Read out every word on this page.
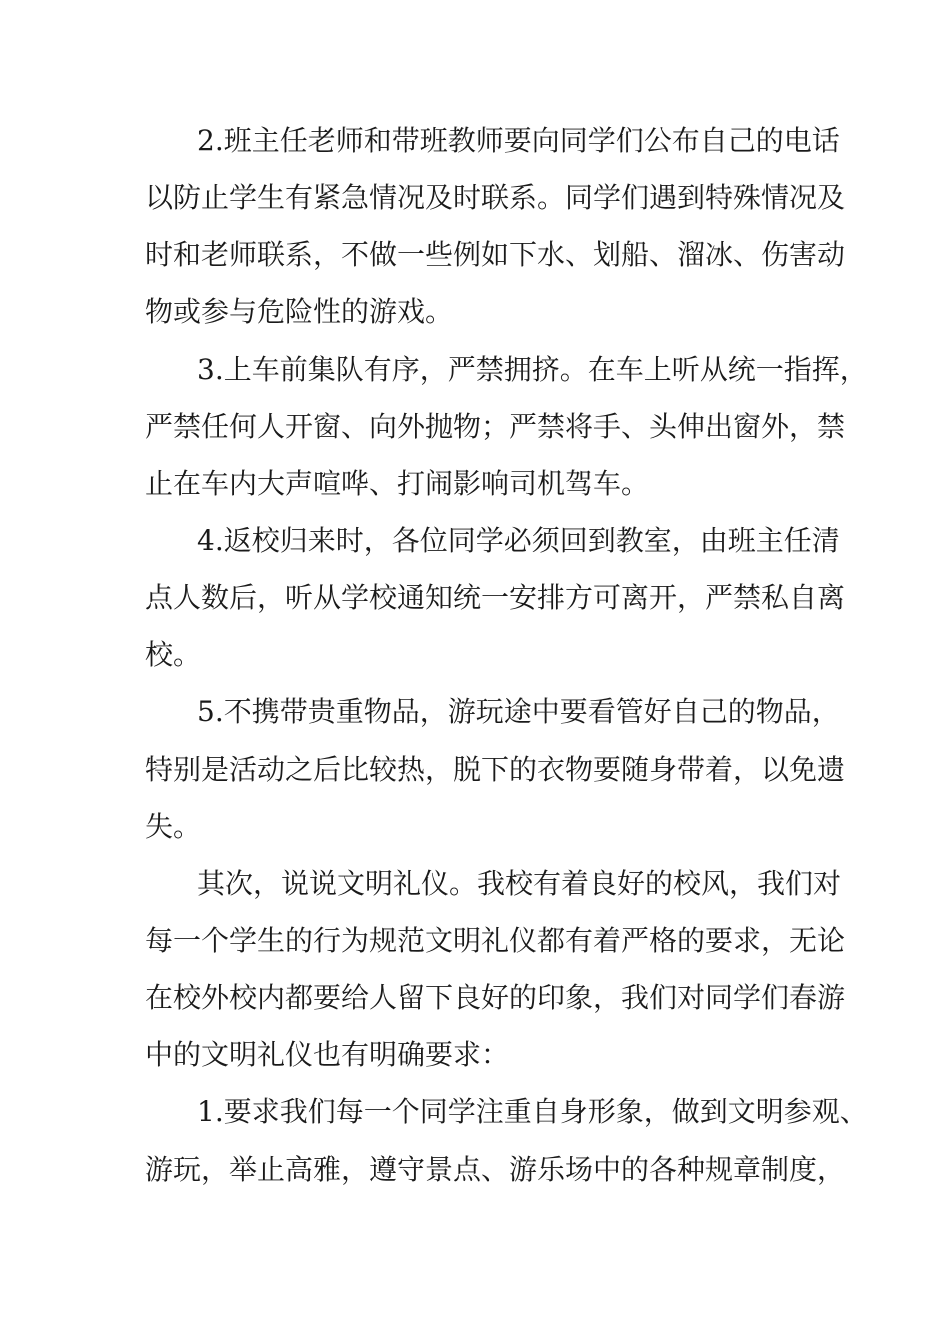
2.班主任老师和带班教师要向同学们公布自己的电话
以防止学生有紧急情况及时联系。同学们遇到特殊情况及
时和老师联系，不做一些例如下水、划船、溜冰、伤害动
物或参与危险性的游戏。
3.上车前集队有序，严禁拥挤。在车上听从统一指挥，
严禁任何人开窗、向外抛物；严禁将手、头伸出窗外，禁
止在车内大声喧哗、打闹影响司机驾车。
4.返校归来时，各位同学必须回到教室，由班主任清
点人数后，听从学校通知统一安排方可离开，严禁私自离
校。
5.不携带贵重物品，游玩途中要看管好自己的物品，
特别是活动之后比较热，脱下的衣物要随身带着，以免遗
失。
其次，说说文明礼仪。我校有着良好的校风，我们对
每一个学生的行为规范文明礼仪都有着严格的要求，无论
在校外校内都要给人留下良好的印象，我们对同学们春游
中的文明礼仪也有明确要求：
1.要求我们每一个同学注重自身形象，做到文明参观、
游玩，举止高雅，遵守景点、游乐场中的各种规章制度，
